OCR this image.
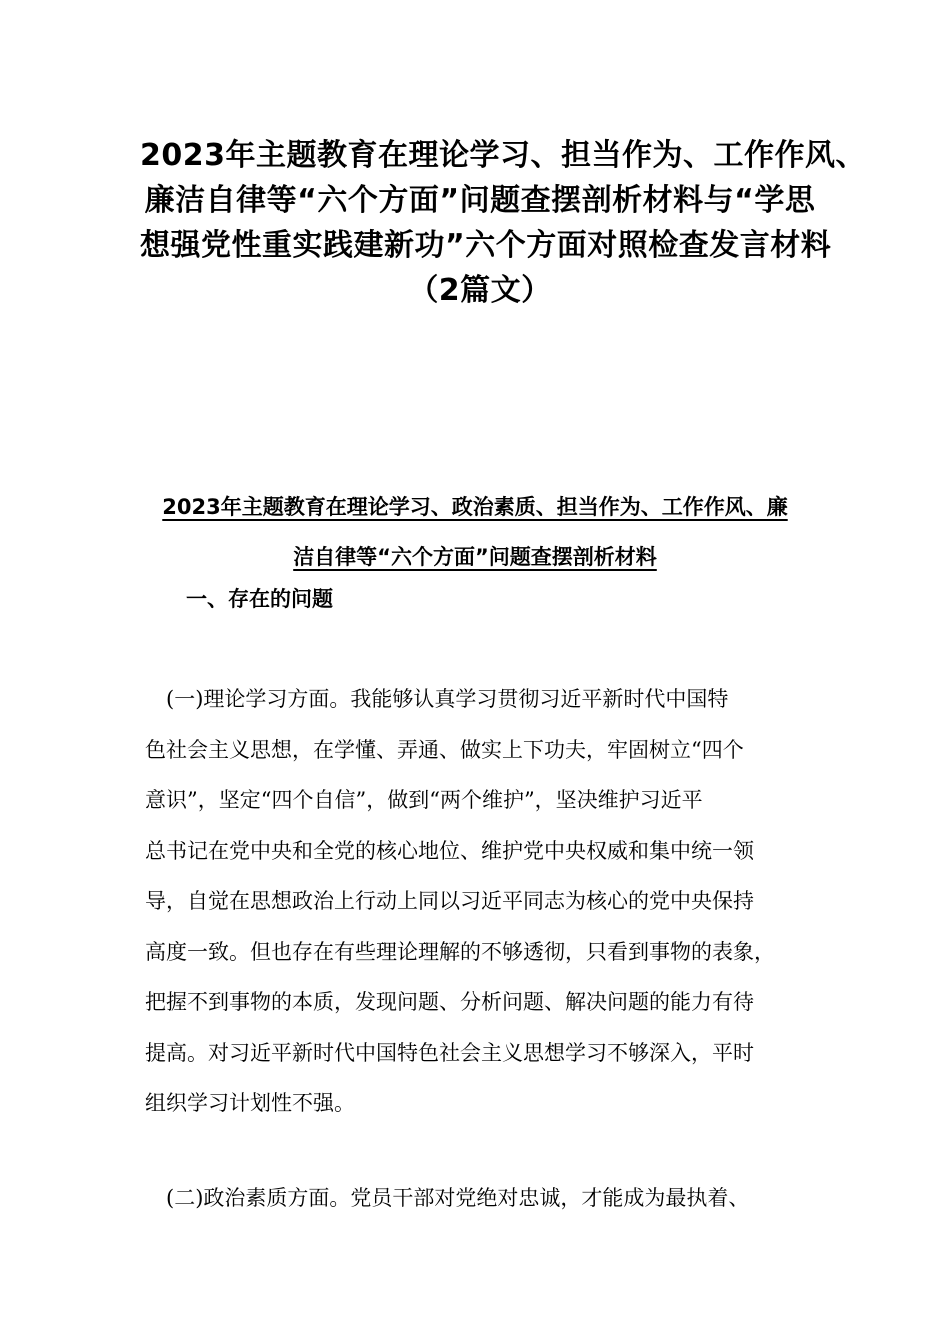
2023年主题教育在理论学习、担当作为、工作作风、
廉洁自律等“六个方面”问题查摆剖析材料与“学思
想强党性重实践建新功”六个方面对照检查发言材料
（2篇文）
2023年主题教育在理论学习、政治素质、担当作为、工作作风、廉
洁自律等“六个方面”问题查摆剖析材料
一、存在的问题

　(一)理论学习方面。我能够认真学习贯彻习近平新时代中国特
色社会主义思想，在学懂、弄通、做实上下功夫，牢固树立“四个
意识”，坚定“四个自信”，做到“两个维护”，坚决维护习近平
总书记在党中央和全党的核心地位、维护党中央权威和集中统一领
导，自觉在思想政治上行动上同以习近平同志为核心的党中央保持
高度一致。但也存在有些理论理解的不够透彻，只看到事物的表象，
把握不到事物的本质，发现问题、分析问题、解决问题的能力有待
提高。对习近平新时代中国特色社会主义思想学习不够深入，平时
组织学习计划性不强。

　(二)政治素质方面。党员干部对党绝对忠诚，才能成为最执着、
